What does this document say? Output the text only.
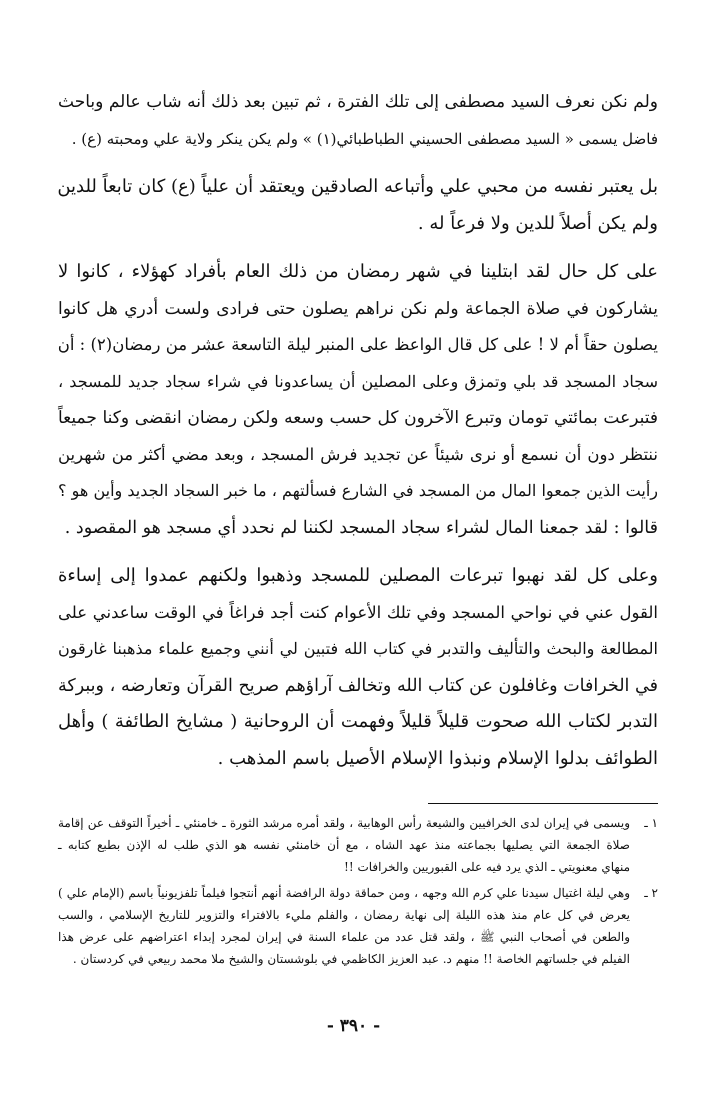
ولم نكن نعرف السيد مصطفى إلى تلك الفترة ، ثم تبين بعد ذلك أنه شاب عالم وباحث
فاضل يسمى « السيد مصطفى الحسيني الطباطبائي(١) » ولم يكن ينكر ولاية علي ومحبته (ع) .

بل يعتبر نفسه من محبي علي وأتباعه الصادقين ويعتقد أن علياً (ع) كان تابعاً للدين
ولم يكن أصلاً للدين ولا فرعاً له .

على كل حال لقد ابتلينا في شهر رمضان من ذلك العام بأفراد كهؤلاء ، كانوا لا
يشاركون في صلاة الجماعة ولم نكن نراهم يصلون حتى فرادى ولست أدري هل كانوا
يصلون حقاً أم لا ! على كل قال الواعظ على المنبر ليلة التاسعة عشر من رمضان(٢) : أن
سجاد المسجد قد بلي وتمزق وعلى المصلين أن يساعدونا في شراء سجاد جديد للمسجد ،
فتبرعت بمائتي تومان وتبرع الآخرون كل حسب وسعه ولكن رمضان انقضى وكنا جميعاً
ننتظر دون أن نسمع أو نرى شيئاً عن تجديد فرش المسجد ، وبعد مضي أكثر من شهرين
رأيت الذين جمعوا المال من المسجد في الشارع فسألتهم ، ما خبر السجاد الجديد وأين هو ؟
قالوا : لقد جمعنا المال لشراء سجاد المسجد لكننا لم نحدد أي مسجد هو المقصود .

وعلى كل لقد نهبوا تبرعات المصلين للمسجد وذهبوا ولكنهم عمدوا إلى إساءة
القول عني في نواحي المسجد وفي تلك الأعوام كنت أجد فراغاً في الوقت ساعدني على
المطالعة والبحث والتأليف والتدبر في كتاب الله فتبين لي أنني وجميع علماء مذهبنا غارقون
في الخرافات وغافلون عن كتاب الله وتخالف آراؤهم صريح القرآن وتعارضه ، وببركة
التدبر لكتاب الله صحوت قليلاً قليلاً وفهمت أن الروحانية ( مشايخ الطائفة ) وأهل
الطوائف بدلوا الإسلام ونبذوا الإسلام الأصيل باسم المذهب .

١ ـ
ويسمى في إيران لدى الخرافيين والشيعة رأس الوهابية ، ولقد أمره مرشد الثورة ـ خامنئي ـ أخيراً التوقف عن إقامة
صلاة الجمعة التي يصليها بجماعته منذ عهد الشاه ، مع أن خامنئي نفسه هو الذي طلب له الإذن بطبع كتابه ـ
منهاي معنويتي ـ الذي يرد فيه على القبوريين والخرافات !!
٢ ـ
وهي ليلة اغتيال سيدنا علي كرم الله وجهه ، ومن حماقة دولة الرافضة أنهم أنتجوا فيلماً تلفزيونياً باسم (الإمام علي )
يعرض في كل عام منذ هذه الليلة إلى نهاية رمضان ، والفلم مليء بالافتراء والتزوير للتاريخ الإسلامي ، والسب
والطعن في أصحاب النبي ﷺ ، ولقد قتل عدد من علماء السنة في إيران لمجرد إبداء اعتراضهم على عرض هذا
الفيلم في جلساتهم الخاصة !! منهم د. عبد العزيز الكاظمي في بلوشستان والشيخ ملا محمد ربيعي في كردستان .
- ٣٩٠ -
